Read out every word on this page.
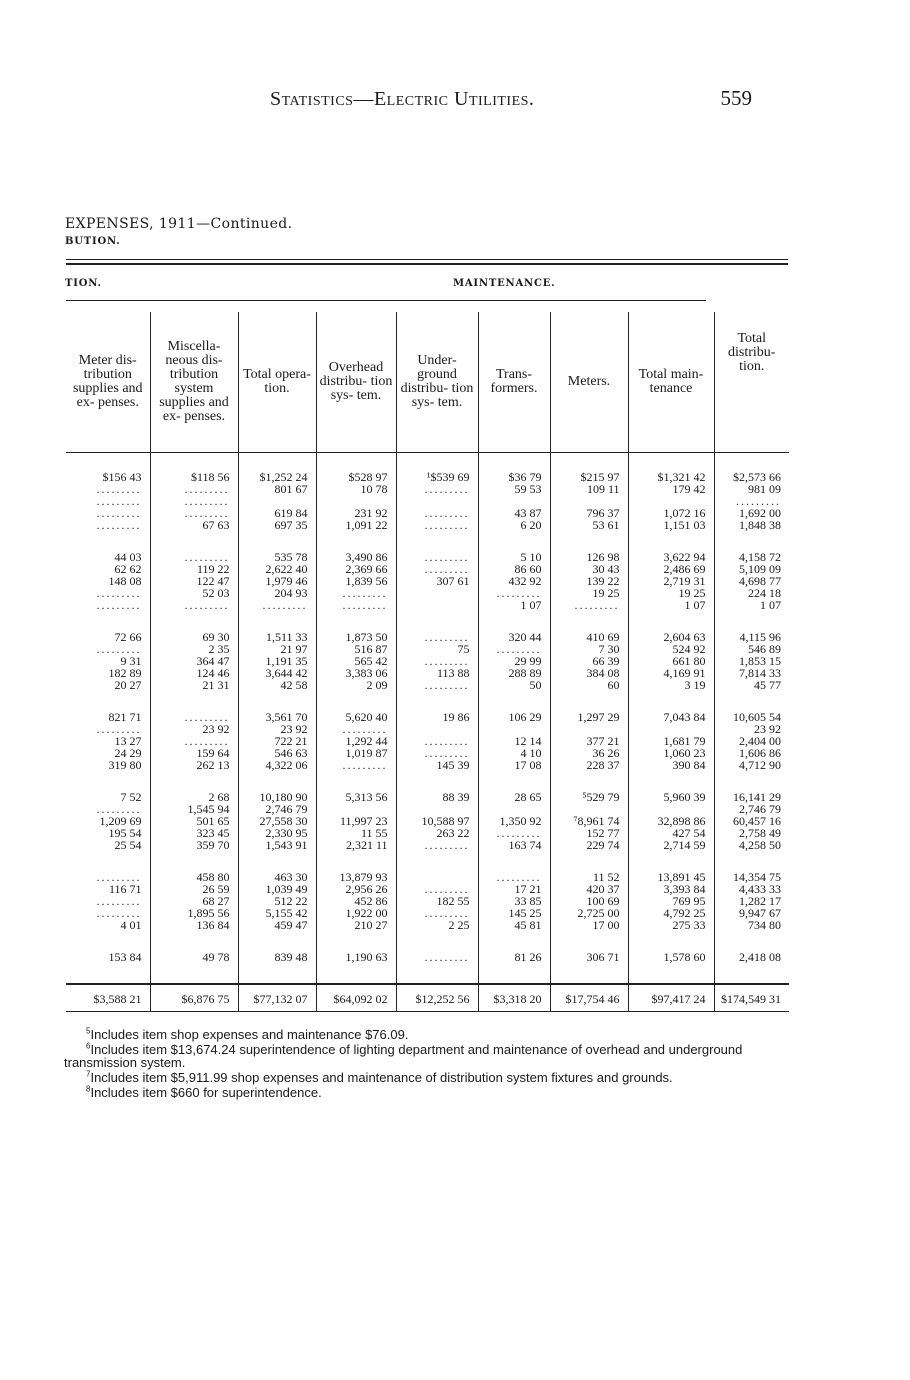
Statistics—Electric Utilities.	559
EXPENSES, 1911—Continued.
BUTION.
TION.	MAINTENANCE.
Meter dis- tribution supplies and ex- penses.	Miscella- neous dis- tribution system supplies and ex- penses.	Total opera- tion.	Overhead distribu- tion sys- tem.	Under- ground distribu- tion sys- tem.	Trans- formers.	Meters.	Total main- tenance	Total distribu- tion.

$156 43	$118 56	$1,252 24	$528 97	¹$539 69	$36 79	$215 97	$1,321 42	$2,573 66
.........	.........	801 67	10 78	.........	59 53	109 11	179 42	981 09
.........	.........							.........
.........	.........	619 84	231 92	.........	43 87	796 37	1,072 16	1,692 00
.........	67 63	697 35	1,091 22	.........	6 20	53 61	1,151 03	1,848 38

44 03	.........	535 78	3,490 86	.........	5 10	126 98	3,622 94	4,158 72
62 62	119 22	2,622 40	2,369 66	.........	86 60	30 43	2,486 69	5,109 09
148 08	122 47	1,979 46	1,839 56	307 61	432 92	139 22	2,719 31	4,698 77
.........	52 03	204 93	.........		.........	19 25	19 25	224 18
.........	.........	.........	.........		1 07	.........	1 07	1 07

72 66	69 30	1,511 33	1,873 50	.........	320 44	410 69	2,604 63	4,115 96
.........	2 35	21 97	516 87	75	.........	7 30	524 92	546 89
9 31	364 47	1,191 35	565 42	.........	29 99	66 39	661 80	1,853 15
182 89	124 46	3,644 42	3,383 06	113 88	288 89	384 08	4,169 91	7,814 33
20 27	21 31	42 58	2 09	.........	50	60	3 19	45 77

821 71	.........	3,561 70	5,620 40	19 86	106 29	1,297 29	7,043 84	10,605 54
.........	23 92	23 92	.........					23 92
13 27	.........	722 21	1,292 44	.........	12 14	377 21	1,681 79	2,404 00
24 29	159 64	546 63	1,019 87	.........	4 10	36 26	1,060 23	1,606 86
319 80	262 13	4,322 06	.........	145 39	17 08	228 37	390 84	4,712 90

7 52	2 68	10,180 90	5,313 56	88 39	28 65	⁵529 79	5,960 39	16,141 29
.........	1,545 94	2,746 79						2,746 79
1,209 69	501 65	27,558 30	11,997 23	10,588 97	1,350 92	⁷8,961 74	32,898 86	60,457 16
195 54	323 45	2,330 95	11 55	263 22	.........	152 77	427 54	2,758 49
25 54	359 70	1,543 91	2,321 11	.........	163 74	229 74	2,714 59	4,258 50

.........	458 80	463 30	13,879 93		.........	11 52	13,891 45	14,354 75
116 71	26 59	1,039 49	2,956 26	.........	17 21	420 37	3,393 84	4,433 33
.........	68 27	512 22	452 86	182 55	33 85	100 69	769 95	1,282 17
.........	1,895 56	5,155 42	1,922 00	.........	145 25	2,725 00	4,792 25	9,947 67
4 01	136 84	459 47	210 27	2 25	45 81	17 00	275 33	734 80

153 84	49 78	839 48	1,190 63	.........	81 26	306 71	1,578 60	2,418 08

$3,588 21	$6,876 75	$77,132 07	$64,092 02	$12,252 56	$3,318 20	$17,754 46	$97,417 24	$174,549 31

$^5$Includes item shop expenses and maintenance $76.09.

$^6$Includes item $13,674.24 superintendence of lighting department and maintenance of overhead and underground transmission system.

$^7$Includes item $5,911.99 shop expenses and maintenance of distribution system fixtures and grounds.

$^8$Includes item $660 for superintendence.
